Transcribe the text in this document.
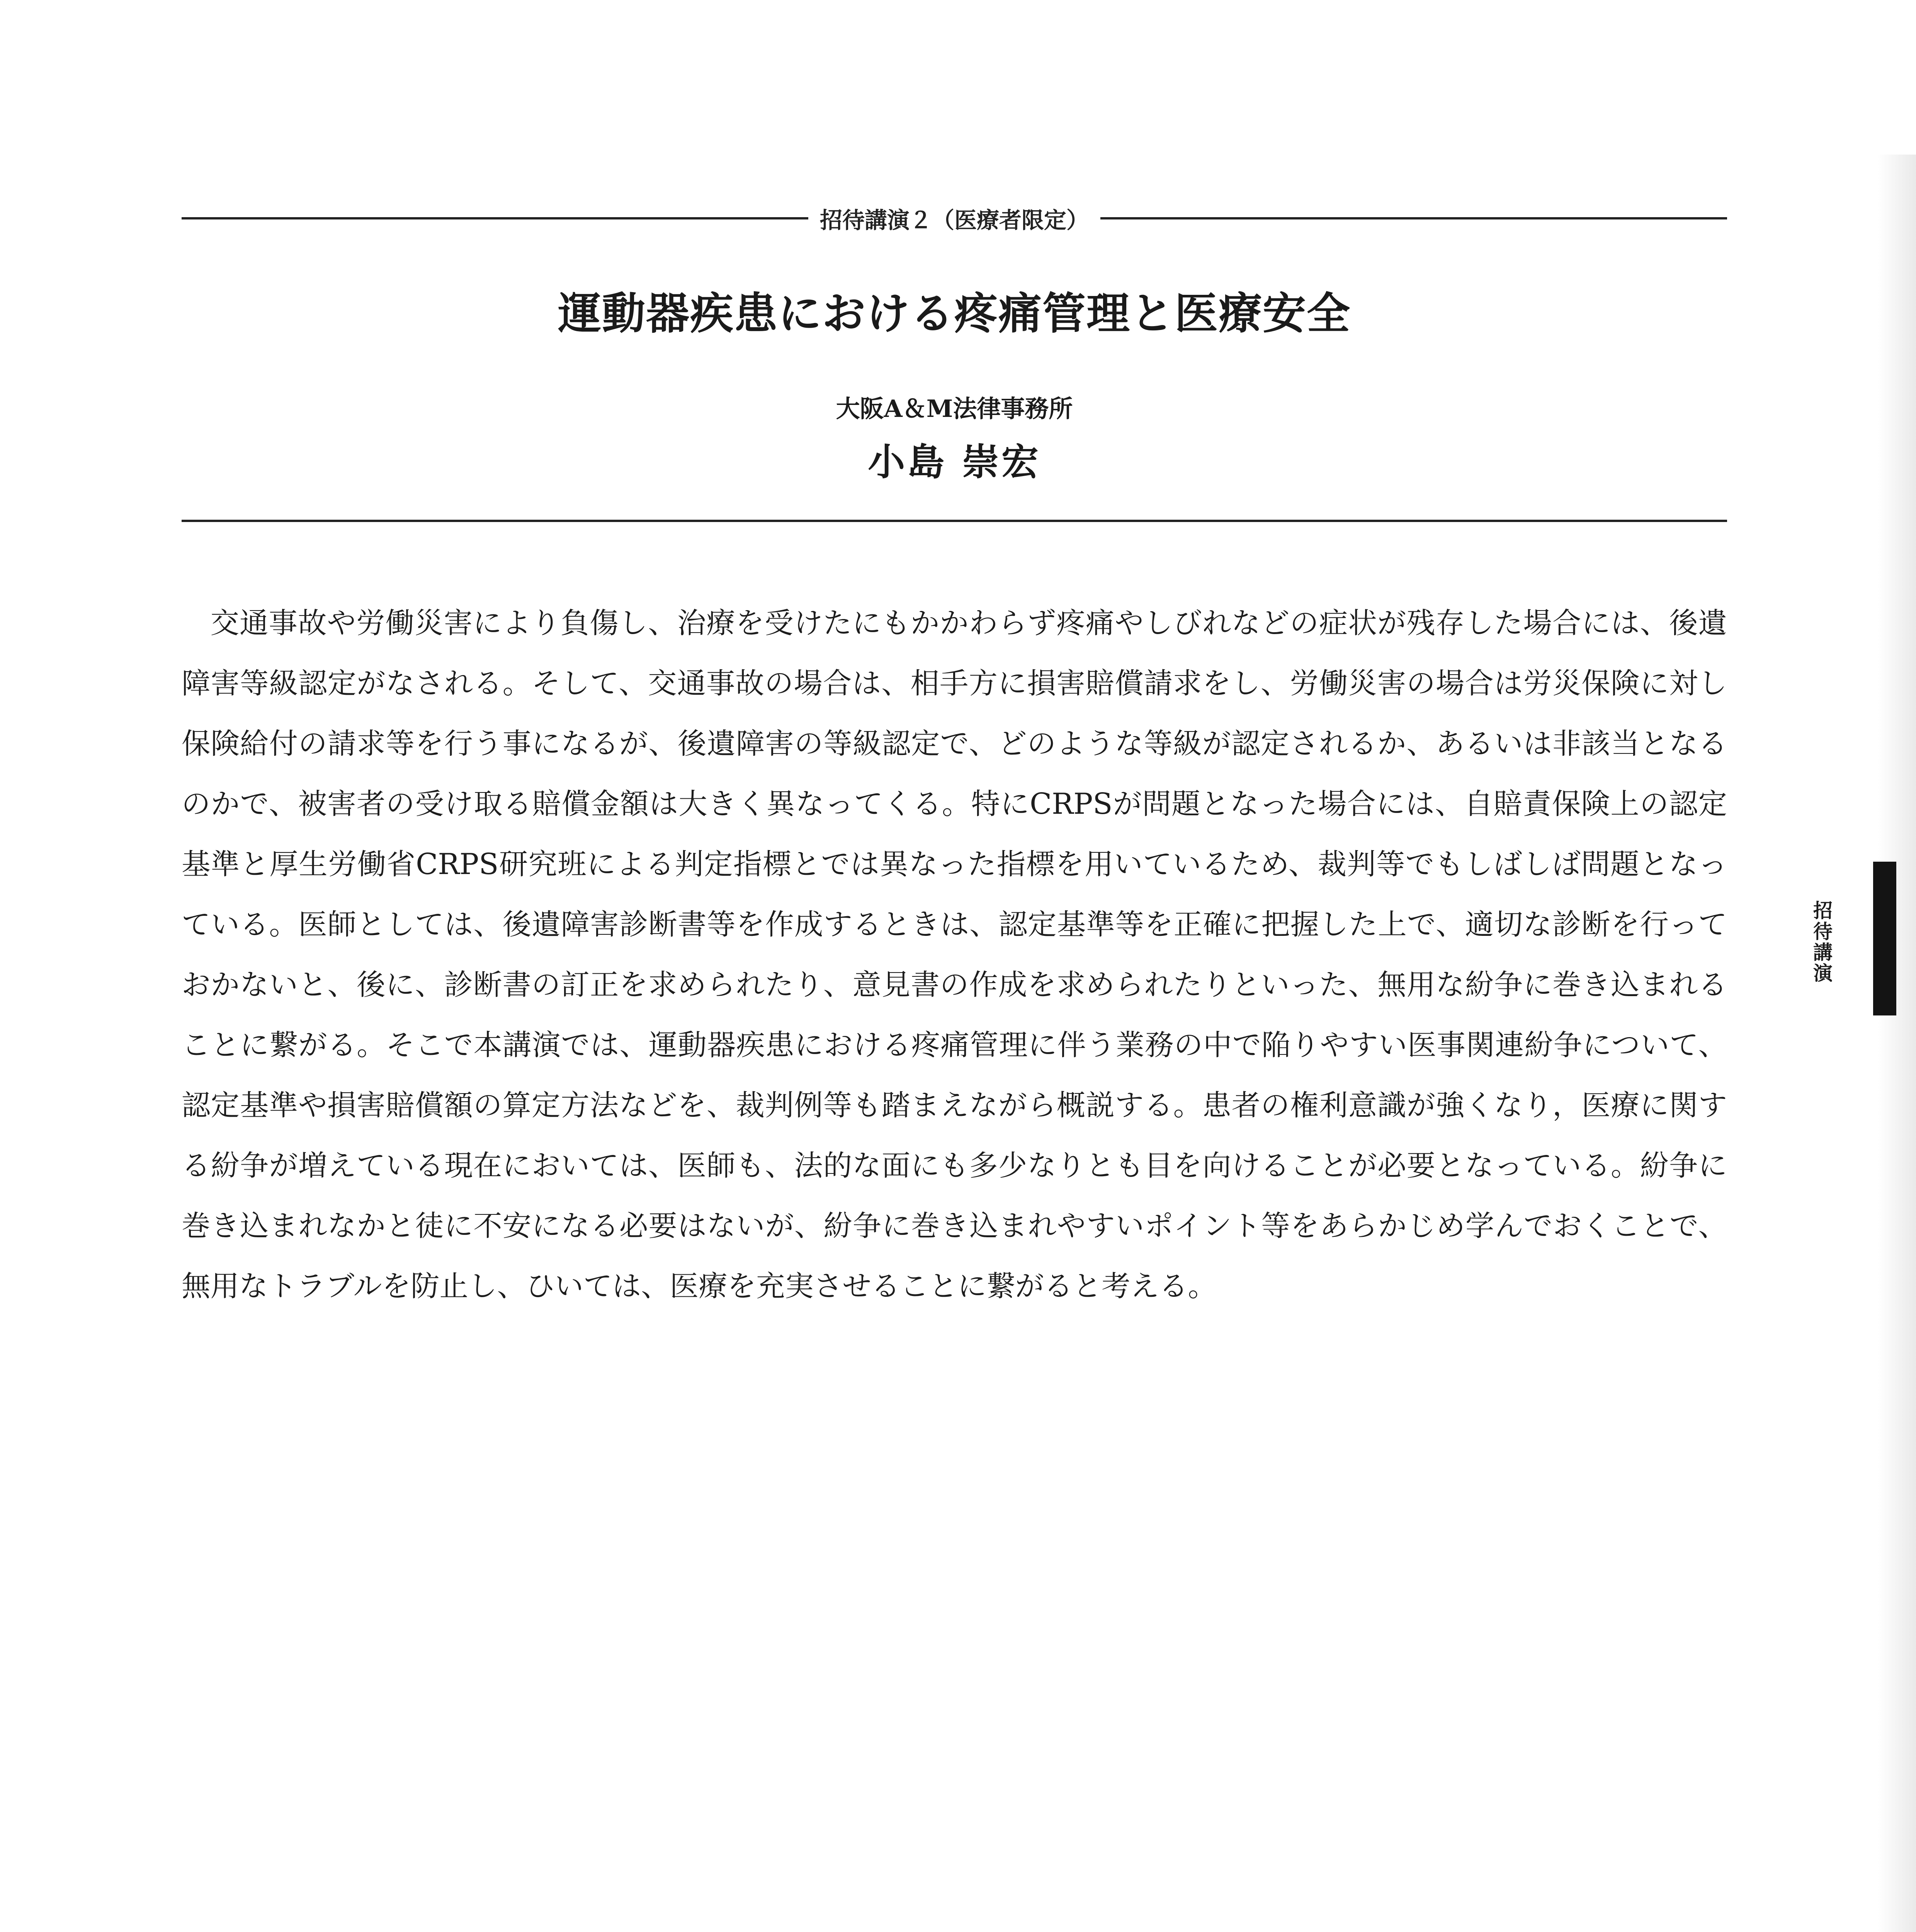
招待講演２（医療者限定）
運動器疾患における疼痛管理と医療安全
大阪A＆M法律事務所
小島 崇宏

交通事故や労働災害により負傷し、治療を受けたにもかかわらず疼痛やしびれなどの症状が残存した場合には、後遺障害等級認定がなされる。そして、交通事故の場合は、相手方に損害賠償請求をし、労働災害の場合は労災保険に対し保険給付の請求等を行う事になるが、後遺障害の等級認定で、どのような等級が認定されるか、あるいは非該当となるのかで、被害者の受け取る賠償金額は大きく異なってくる。特にCRPSが問題となった場合には、自賠責保険上の認定基準と厚生労働省CRPS研究班による判定指標とでは異なった指標を用いているため、裁判等でもしばしば問題となっている。医師としては、後遺障害診断書等を作成するときは、認定基準等を正確に把握した上で、適切な診断を行っておかないと、後に、診断書の訂正を求められたり、意見書の作成を求められたりといった、無用な紛争に巻き込まれることに繋がる。そこで本講演では、運動器疾患における疼痛管理に伴う業務の中で陥りやすい医事関連紛争について、認定基準や損害賠償額の算定方法などを、裁判例等も踏まえながら概説する。患者の権利意識が強くなり，医療に関する紛争が増えている現在においては、医師も、法的な面にも多少なりとも目を向けることが必要となっている。紛争に巻き込まれなかと徒に不安になる必要はないが、紛争に巻き込まれやすいポイント等をあらかじめ学んでおくことで、無用なトラブルを防止し、ひいては、医療を充実させることに繋がると考える。

招待講演
